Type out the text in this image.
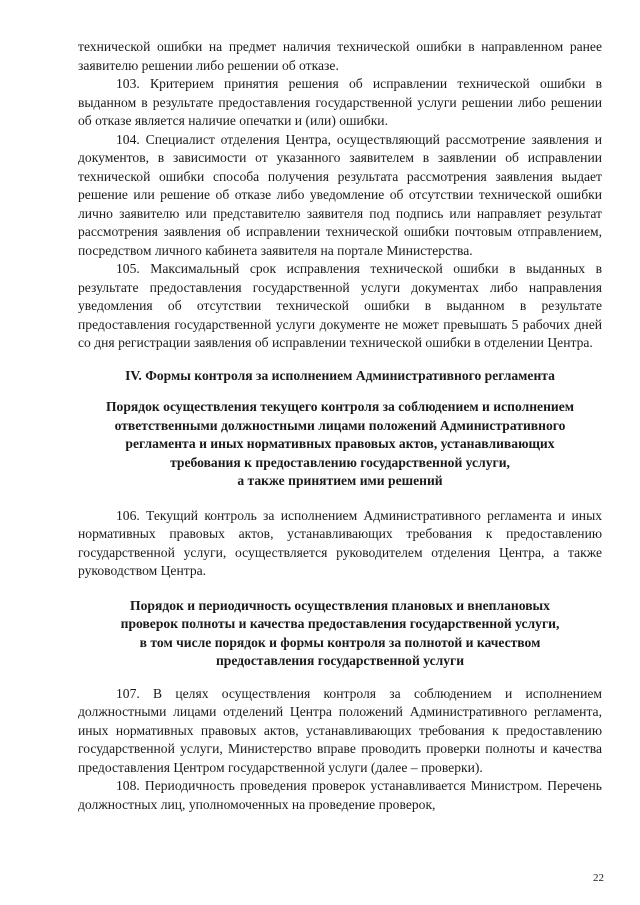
технической ошибки на предмет наличия технической ошибки в направленном ранее заявителю решении либо решении об отказе.

103. Критерием принятия решения об исправлении технической ошибки в выданном в результате предоставления государственной услуги решении либо решении об отказе является наличие опечатки и (или) ошибки.

104. Специалист отделения Центра, осуществляющий рассмотрение заявления и документов, в зависимости от указанного заявителем в заявлении об исправлении технической ошибки способа получения результата рассмотрения заявления выдает решение или решение об отказе либо уведомление об отсутствии технической ошибки лично заявителю или представителю заявителя под подпись или направляет результат рассмотрения заявления об исправлении технической ошибки почтовым отправлением, посредством личного кабинета заявителя на портале Министерства.

105. Максимальный срок исправления технической ошибки в выданных в результате предоставления государственной услуги документах либо направления уведомления об отсутствии технической ошибки в выданном в результате предоставления государственной услуги документе не может превышать 5 рабочих дней со дня регистрации заявления об исправлении технической ошибки в отделении Центра.

IV. Формы контроля за исполнением Административного регламента

Порядок осуществления текущего контроля за соблюдением и исполнением
ответственными должностными лицами положений Административного
регламента и иных нормативных правовых актов, устанавливающих
требования к предоставлению государственной услуги,
а также принятием ими решений

106. Текущий контроль за исполнением Административного регламента и иных нормативных правовых актов, устанавливающих требования к предоставлению государственной услуги, осуществляется руководителем отделения Центра, а также руководством Центра.

Порядок и периодичность осуществления плановых и внеплановых
проверок полноты и качества предоставления государственной услуги,
в том числе порядок и формы контроля за полнотой и качеством
предоставления государственной услуги

107. В целях осуществления контроля за соблюдением и исполнением должностными лицами отделений Центра положений Административного регламента, иных нормативных правовых актов, устанавливающих требования к предоставлению государственной услуги, Министерство вправе проводить проверки полноты и качества предоставления Центром государственной услуги (далее – проверки).

108. Периодичность проведения проверок устанавливается Министром. Перечень должностных лиц, уполномоченных на проведение проверок,

22
